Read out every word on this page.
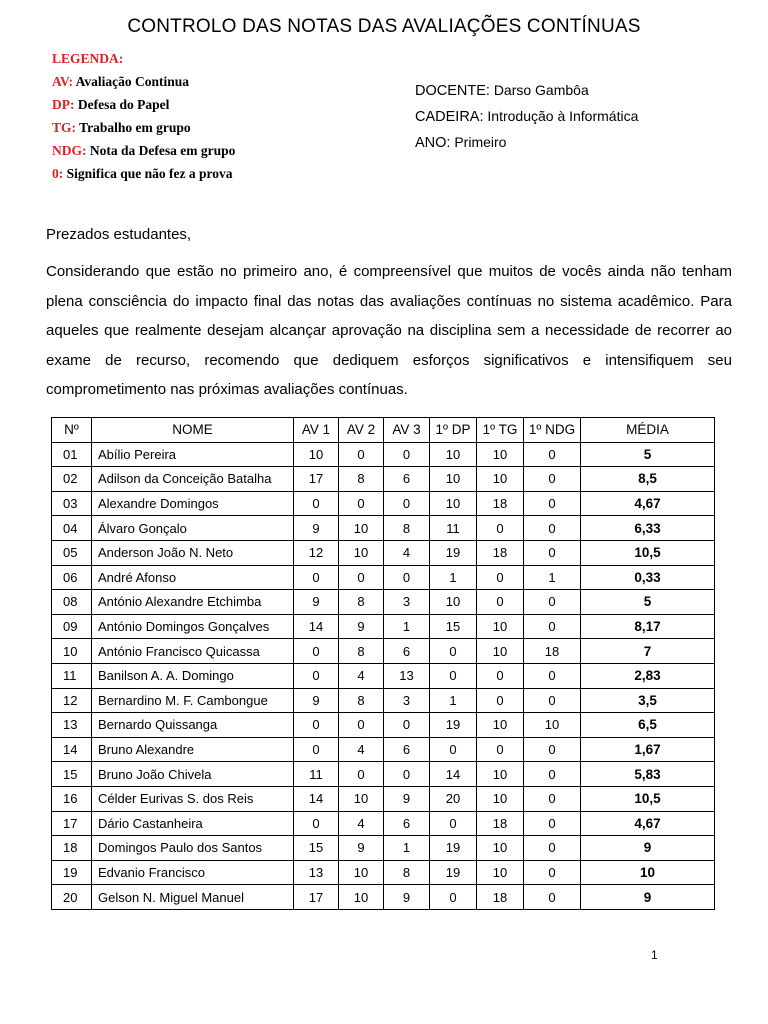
CONTROLO DAS NOTAS DAS AVALIAÇÕES CONTÍNUAS
LEGENDA:
AV: Avaliação Continua
DP: Defesa do Papel
TG: Trabalho em grupo
NDG: Nota da Defesa em grupo
0: Significa que não fez a prova
DOCENTE: Darso Gambôa
CADEIRA: Introdução à Informática
ANO: Primeiro
Prezados estudantes,
Considerando que estão no primeiro ano, é compreensível que muitos de vocês ainda não tenham plena consciência do impacto final das notas das avaliações contínuas no sistema acadêmico. Para aqueles que realmente desejam alcançar aprovação na disciplina sem a necessidade de recorrer ao exame de recurso, recomendo que dediquem esforços significativos e intensifiquem seu comprometimento nas próximas avaliações contínuas.
Nº	NOME	AV 1	AV 2	AV 3	1º DP	1º TG	1º NDG	MÉDIA
01	Abílio Pereira	10	0	0	10	10	0	5
02	Adilson da Conceição Batalha	17	8	6	10	10	0	8,5
03	Alexandre Domingos	0	0	0	10	18	0	4,67
04	Álvaro Gonçalo	9	10	8	11	0	0	6,33
05	Anderson João N. Neto	12	10	4	19	18	0	10,5
06	André Afonso	0	0	0	1	0	1	0,33
08	António Alexandre Etchimba	9	8	3	10	0	0	5
09	António Domingos Gonçalves	14	9	1	15	10	0	8,17
10	António Francisco Quicassa	0	8	6	0	10	18	7
11	Banilson A. A. Domingo	0	4	13	0	0	0	2,83
12	Bernardino M. F. Cambongue	9	8	3	1	0	0	3,5
13	Bernardo Quissanga	0	0	0	19	10	10	6,5
14	Bruno Alexandre	0	4	6	0	0	0	1,67
15	Bruno João Chivela	11	0	0	14	10	0	5,83
16	Célder Eurivas S. dos Reis	14	10	9	20	10	0	10,5
17	Dário Castanheira	0	4	6	0	18	0	4,67
18	Domingos Paulo dos Santos	15	9	1	19	10	0	9
19	Edvanio Francisco	13	10	8	19	10	0	10
20	Gelson N. Miguel Manuel	17	10	9	0	18	0	9
1
